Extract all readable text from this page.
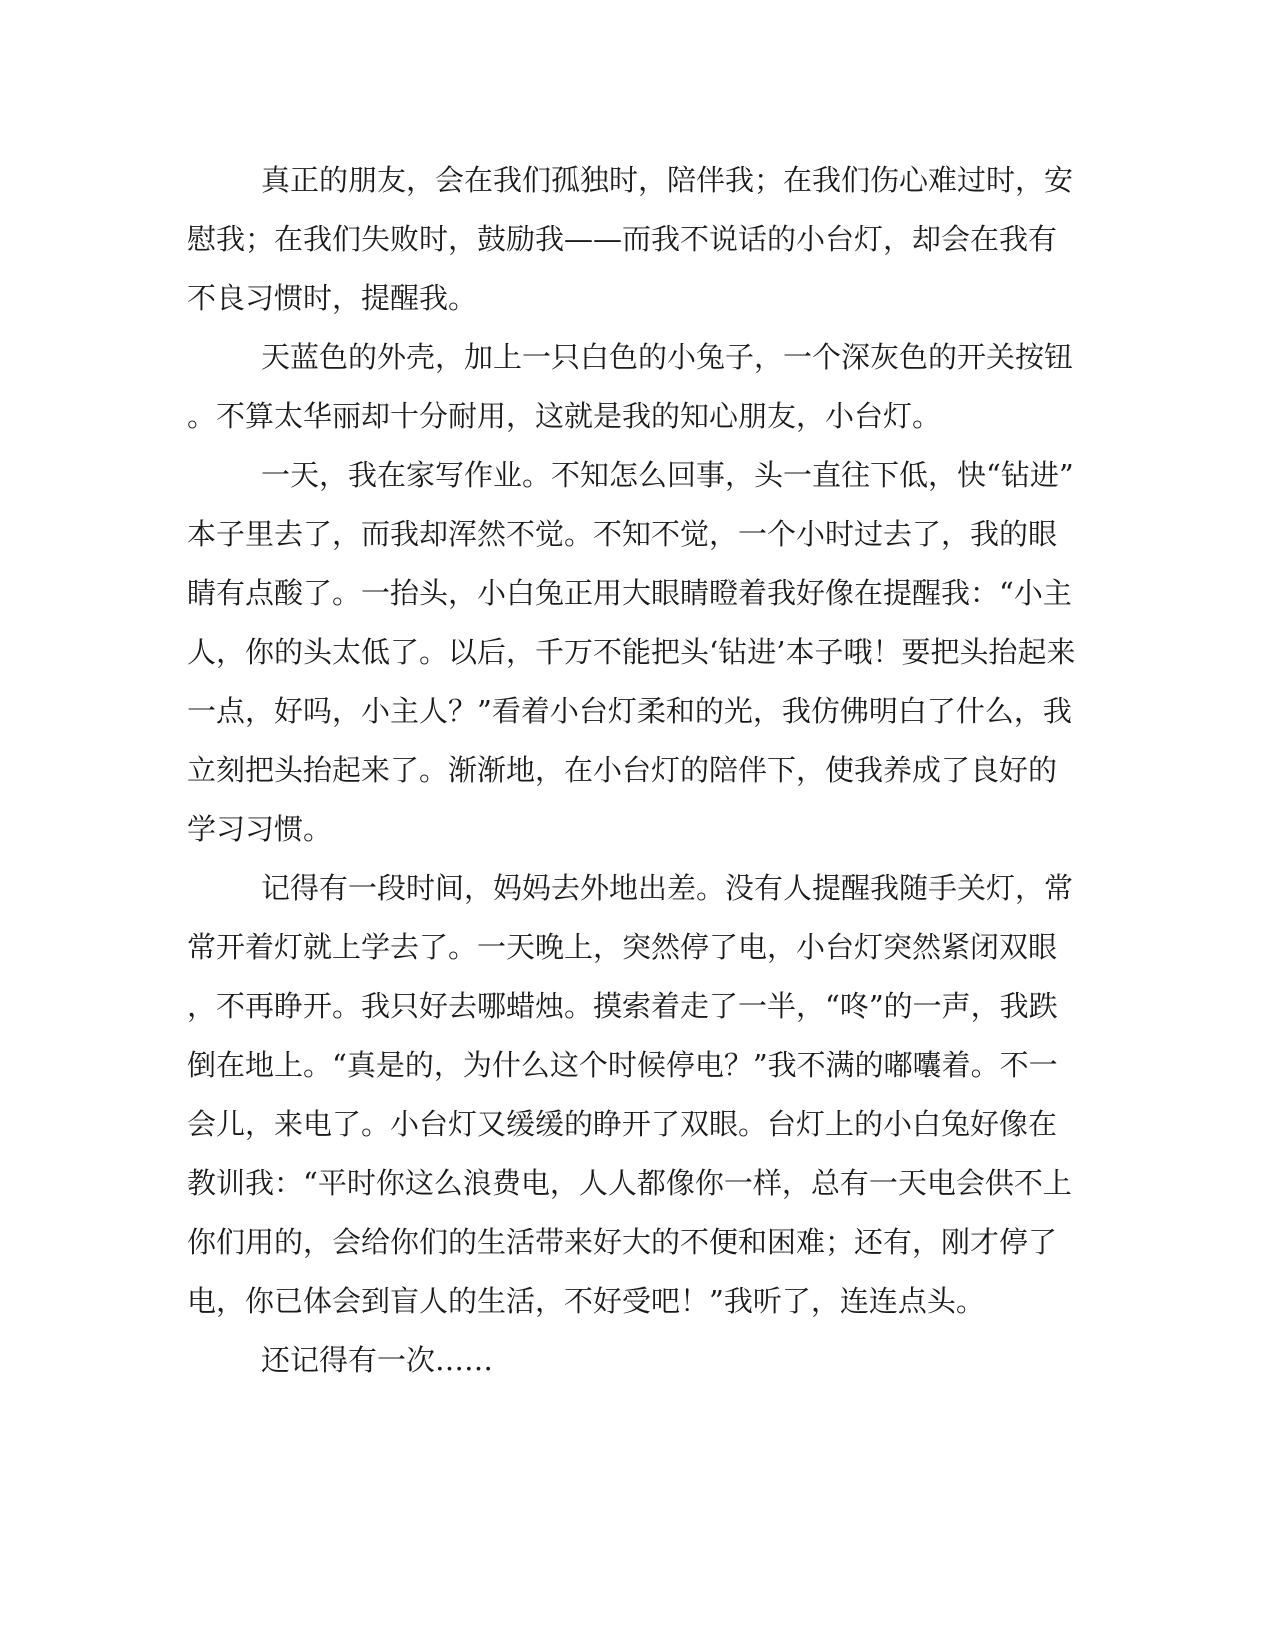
真正的朋友，会在我们孤独时，陪伴我；在我们伤心难过时，安
慰我；在我们失败时，鼓励我——而我不说话的小台灯，却会在我有
不良习惯时，提醒我。
天蓝色的外壳，加上一只白色的小兔子，一个深灰色的开关按钮
。不算太华丽却十分耐用，这就是我的知心朋友，小台灯。
一天，我在家写作业。不知怎么回事，头一直往下低，快“钻进”
本子里去了，而我却浑然不觉。不知不觉，一个小时过去了，我的眼
睛有点酸了。一抬头，小白兔正用大眼睛瞪着我好像在提醒我：“小主
人，你的头太低了。以后，千万不能把头‘钻进’本子哦！要把头抬起来
一点，好吗，小主人？”看着小台灯柔和的光，我仿佛明白了什么，我
立刻把头抬起来了。渐渐地，在小台灯的陪伴下，使我养成了良好的
学习习惯。
记得有一段时间，妈妈去外地出差。没有人提醒我随手关灯，常
常开着灯就上学去了。一天晚上，突然停了电，小台灯突然紧闭双眼
，不再睁开。我只好去哪蜡烛。摸索着走了一半，“咚”的一声，我跌
倒在地上。“真是的，为什么这个时候停电？”我不满的嘟囔着。不一
会儿，来电了。小台灯又缓缓的睁开了双眼。台灯上的小白兔好像在
教训我：“平时你这么浪费电，人人都像你一样，总有一天电会供不上
你们用的，会给你们的生活带来好大的不便和困难；还有，刚才停了
电，你已体会到盲人的生活，不好受吧！”我听了，连连点头。
还记得有一次……
